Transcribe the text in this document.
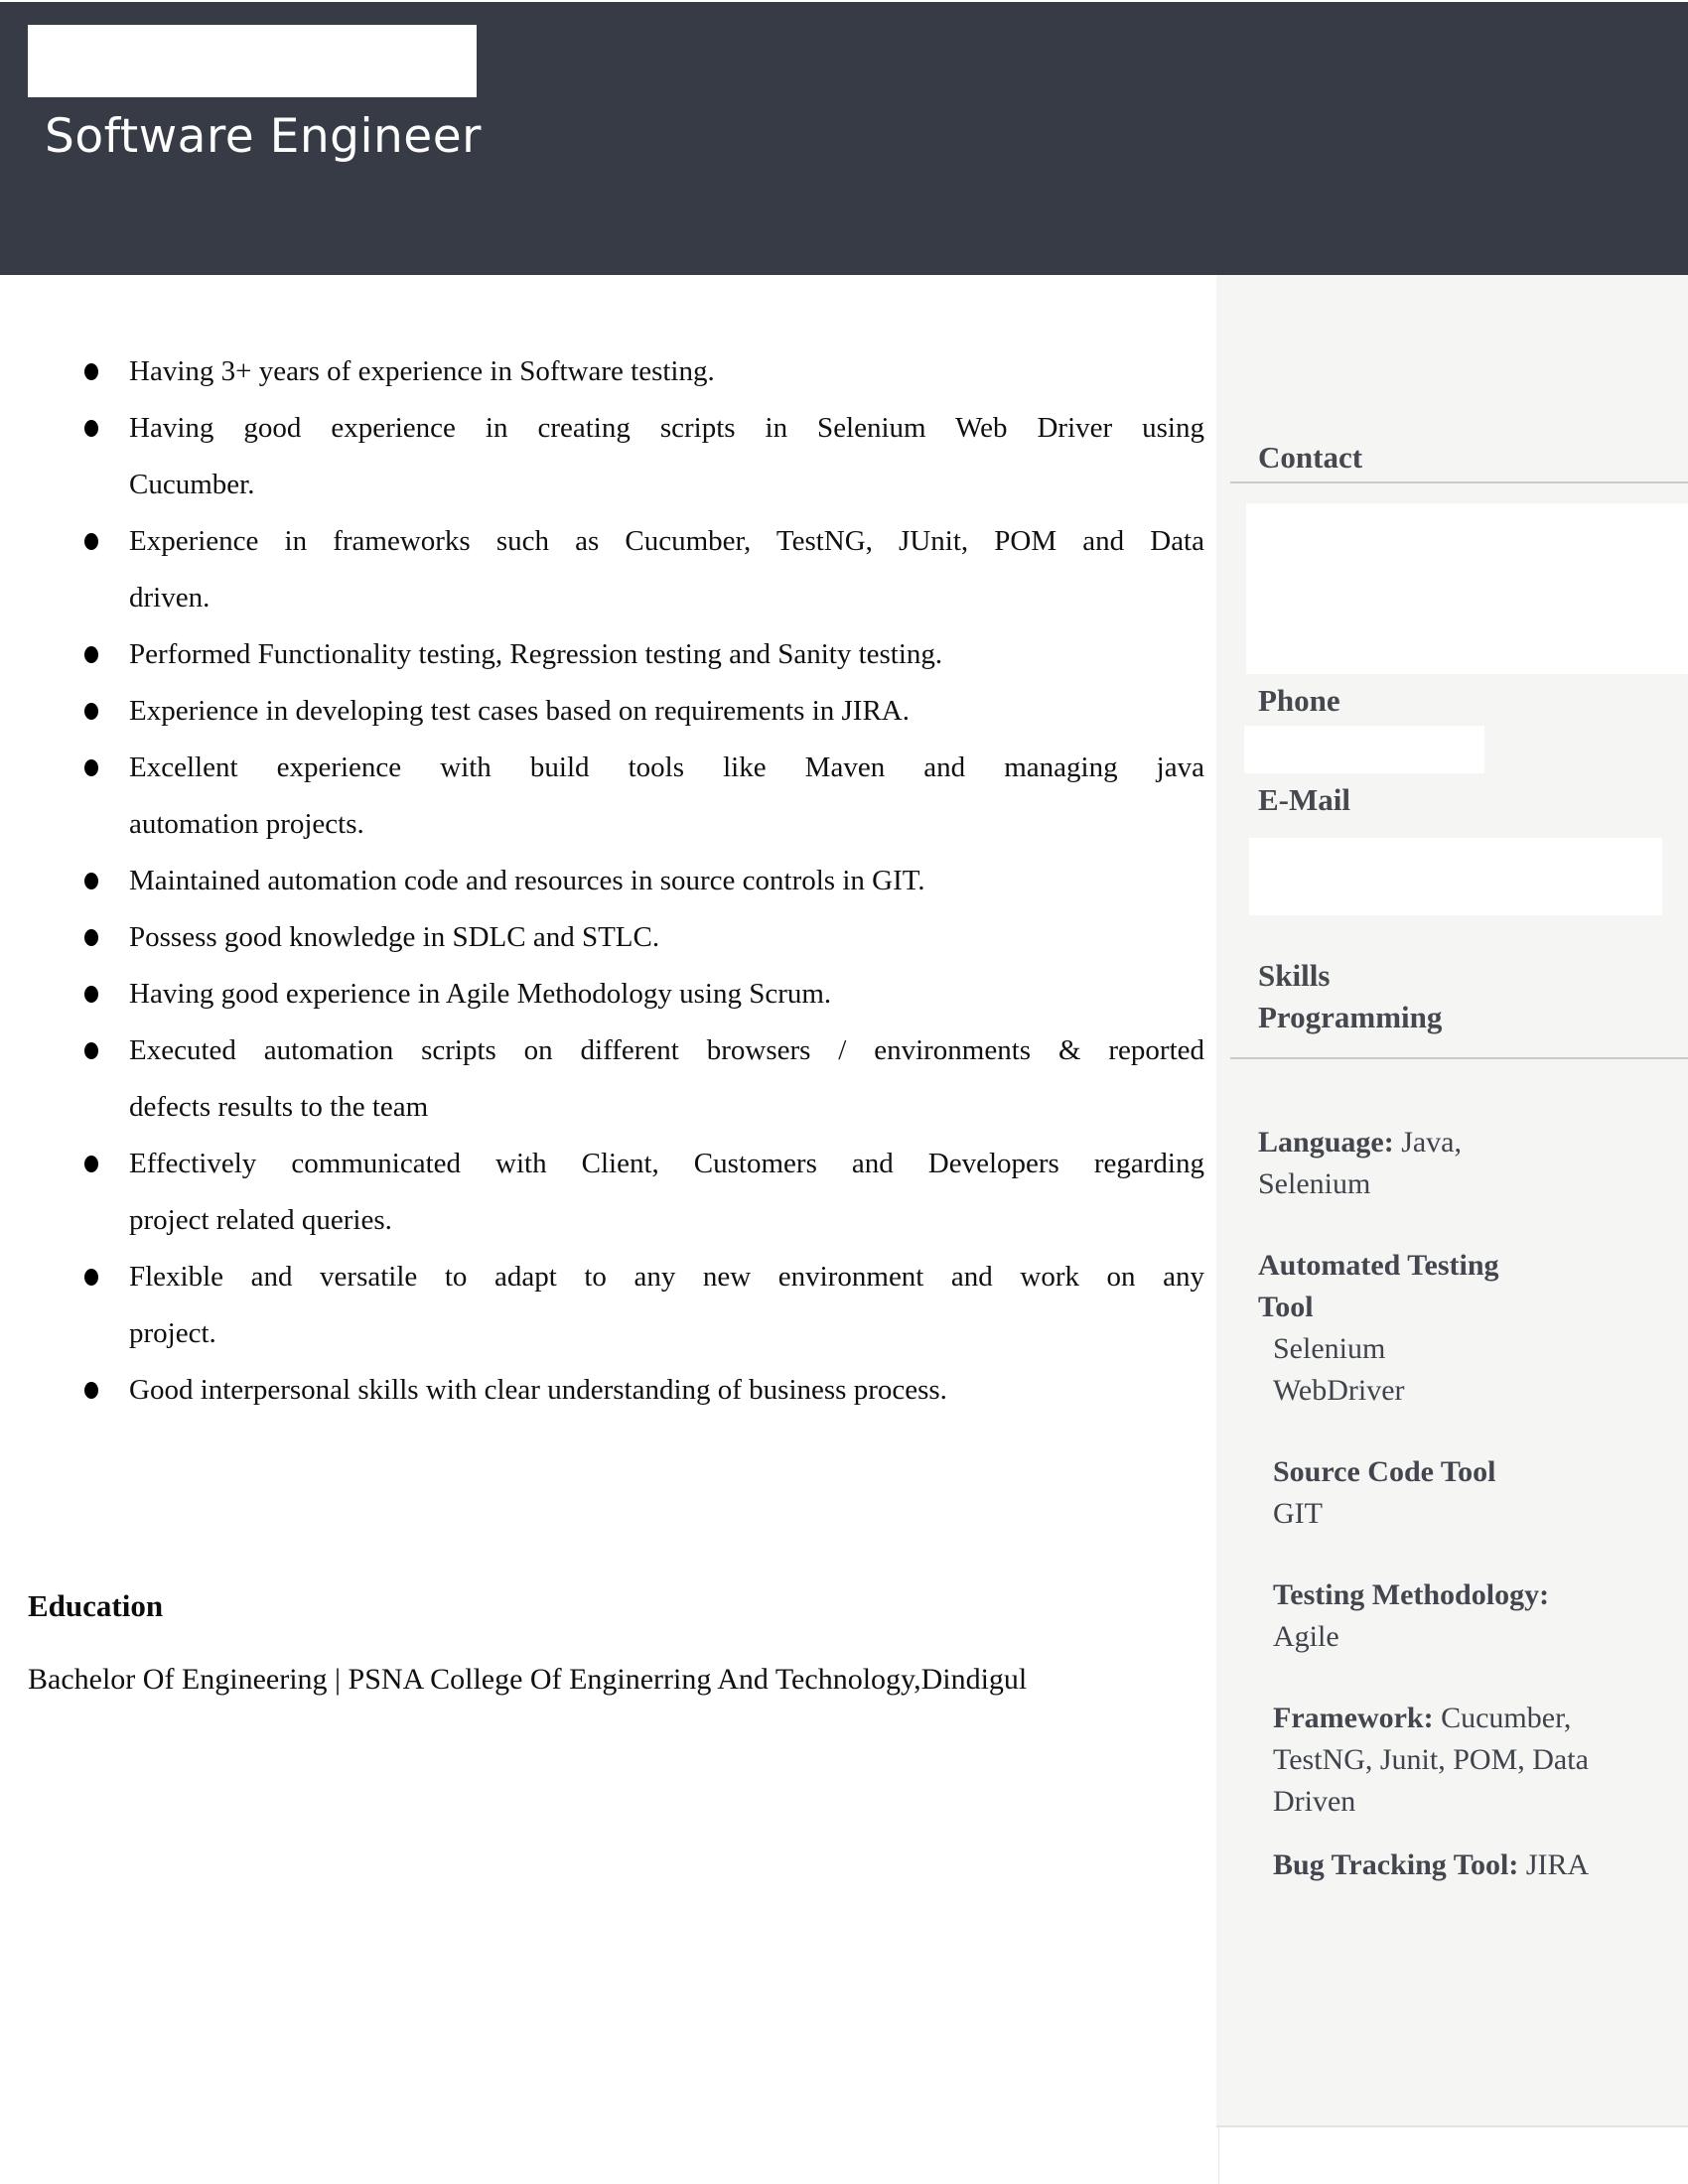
Software Engineer
Having 3+ years of experience in Software testing.
Having good experience in creating scripts in Selenium Web Driver using
Cucumber.
Experience in frameworks such as Cucumber, TestNG, JUnit, POM and Data
driven.
Performed Functionality testing, Regression testing and Sanity testing.
Experience in developing test cases based on requirements in JIRA.
Excellent experience with build tools like Maven and managing java
automation projects.
Maintained automation code and resources in source controls in GIT.
Possess good knowledge in SDLC and STLC.
Having good experience in Agile Methodology using Scrum.
Executed automation scripts on different browsers / environments & reported
defects results to the team
Effectively communicated with Client, Customers and Developers regarding
project related queries.
Flexible and versatile to adapt to any new environment and work on any
project.
Good interpersonal skills with clear understanding of business process.
Education

Bachelor Of Engineering | PSNA College Of Enginerring And Technology,Dindigul

Contact
Phone
E-Mail
Skills
Programming
Language: Java,
Selenium
Automated Testing
Tool
Selenium
WebDriver
Source Code Tool
GIT
Testing Methodology:
Agile
Framework: Cucumber,
TestNG, Junit, POM, Data
Driven
Bug Tracking Tool: JIRA
